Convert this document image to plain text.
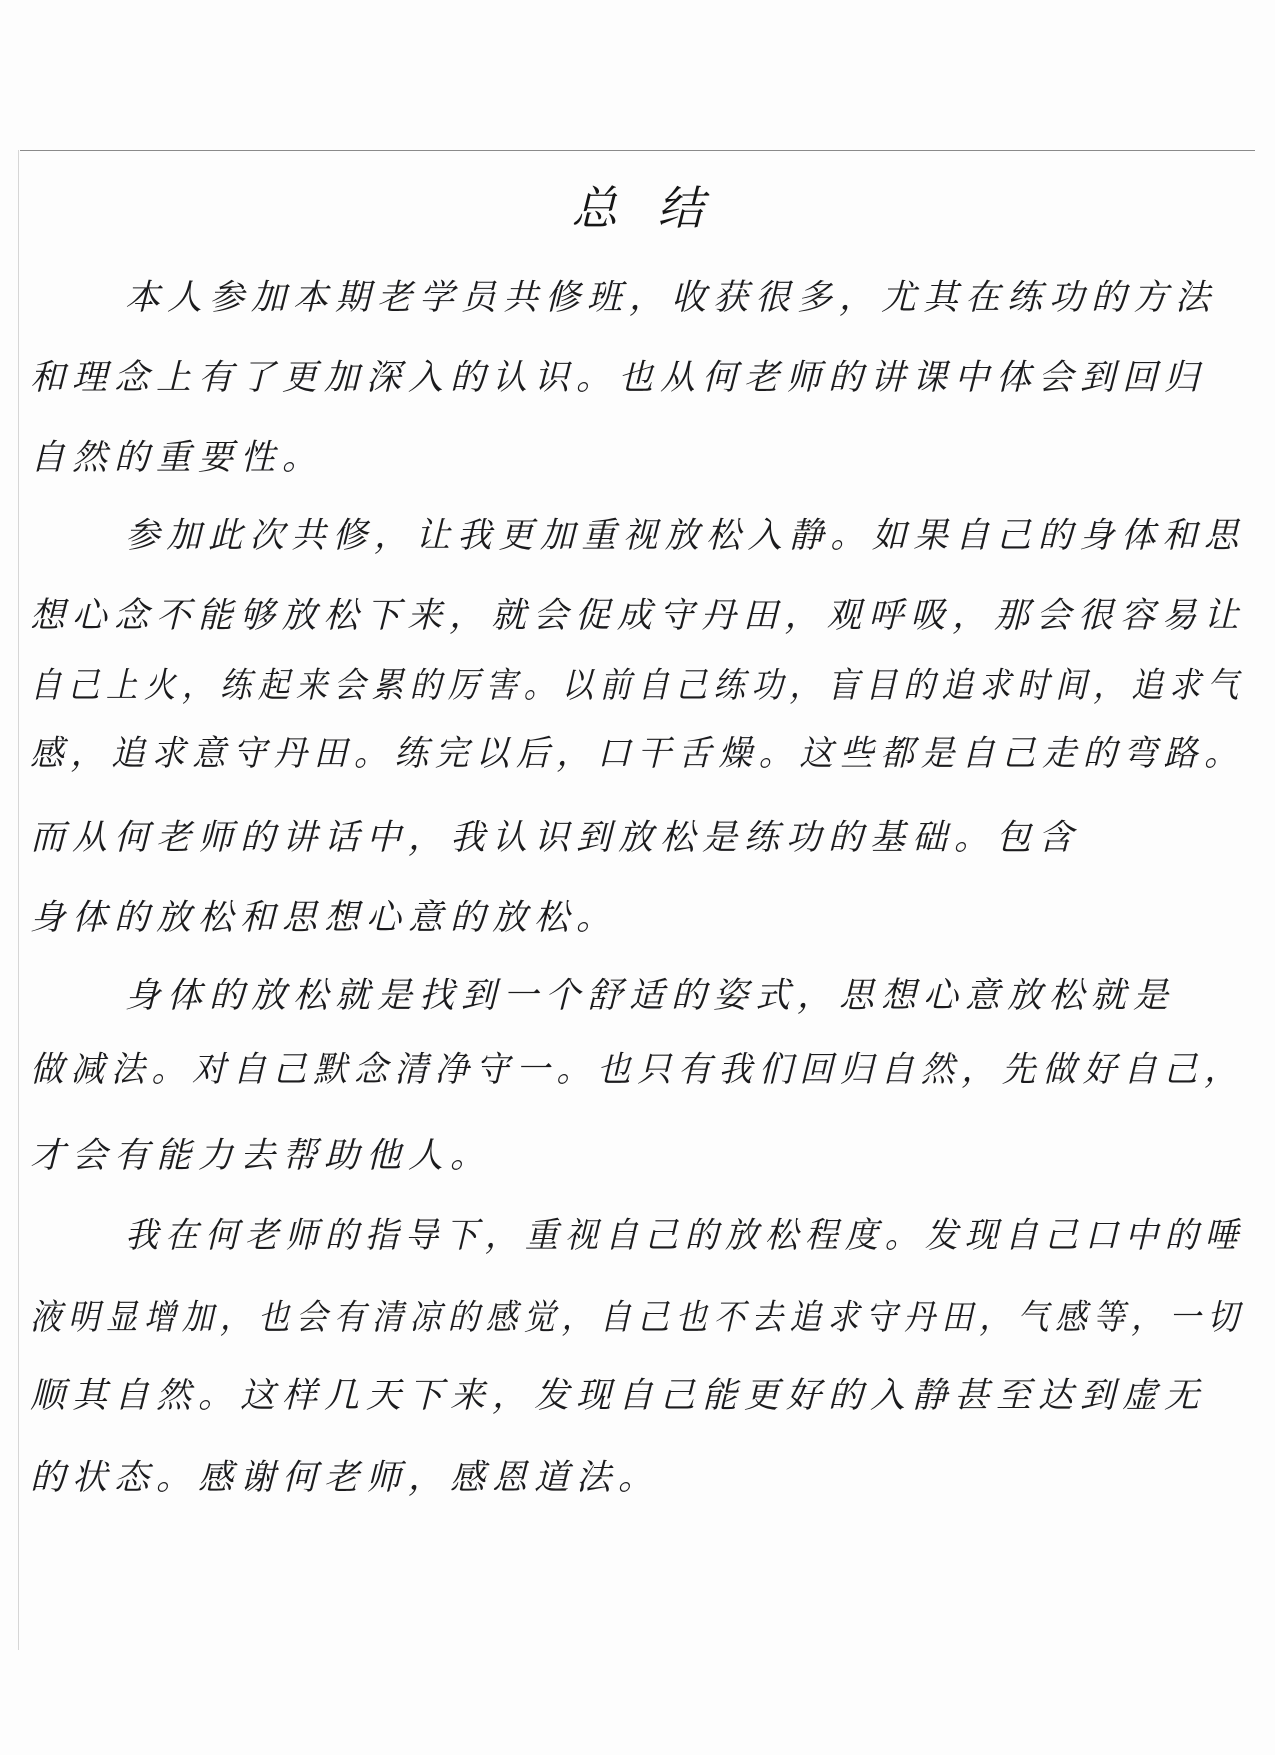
总结
本人参加本期老学员共修班，收获很多，尤其在练功的方法
和理念上有了更加深入的认识。也从何老师的讲课中体会到回归
自然的重要性。
参加此次共修，让我更加重视放松入静。如果自己的身体和思
想心念不能够放松下来，就会促成守丹田，观呼吸，那会很容易让
自己上火，练起来会累的厉害。以前自己练功，盲目的追求时间，追求气
感，追求意守丹田。练完以后，口干舌燥。这些都是自己走的弯路。
而从何老师的讲话中，我认识到放松是练功的基础。包含
身体的放松和思想心意的放松。
身体的放松就是找到一个舒适的姿式，思想心意放松就是
做减法。对自己默念清净守一。也只有我们回归自然，先做好自己，
才会有能力去帮助他人。
我在何老师的指导下，重视自己的放松程度。发现自己口中的唾
液明显增加，也会有清凉的感觉，自己也不去追求守丹田，气感等，一切
顺其自然。这样几天下来，发现自己能更好的入静甚至达到虚无
的状态。感谢何老师，感恩道法。
